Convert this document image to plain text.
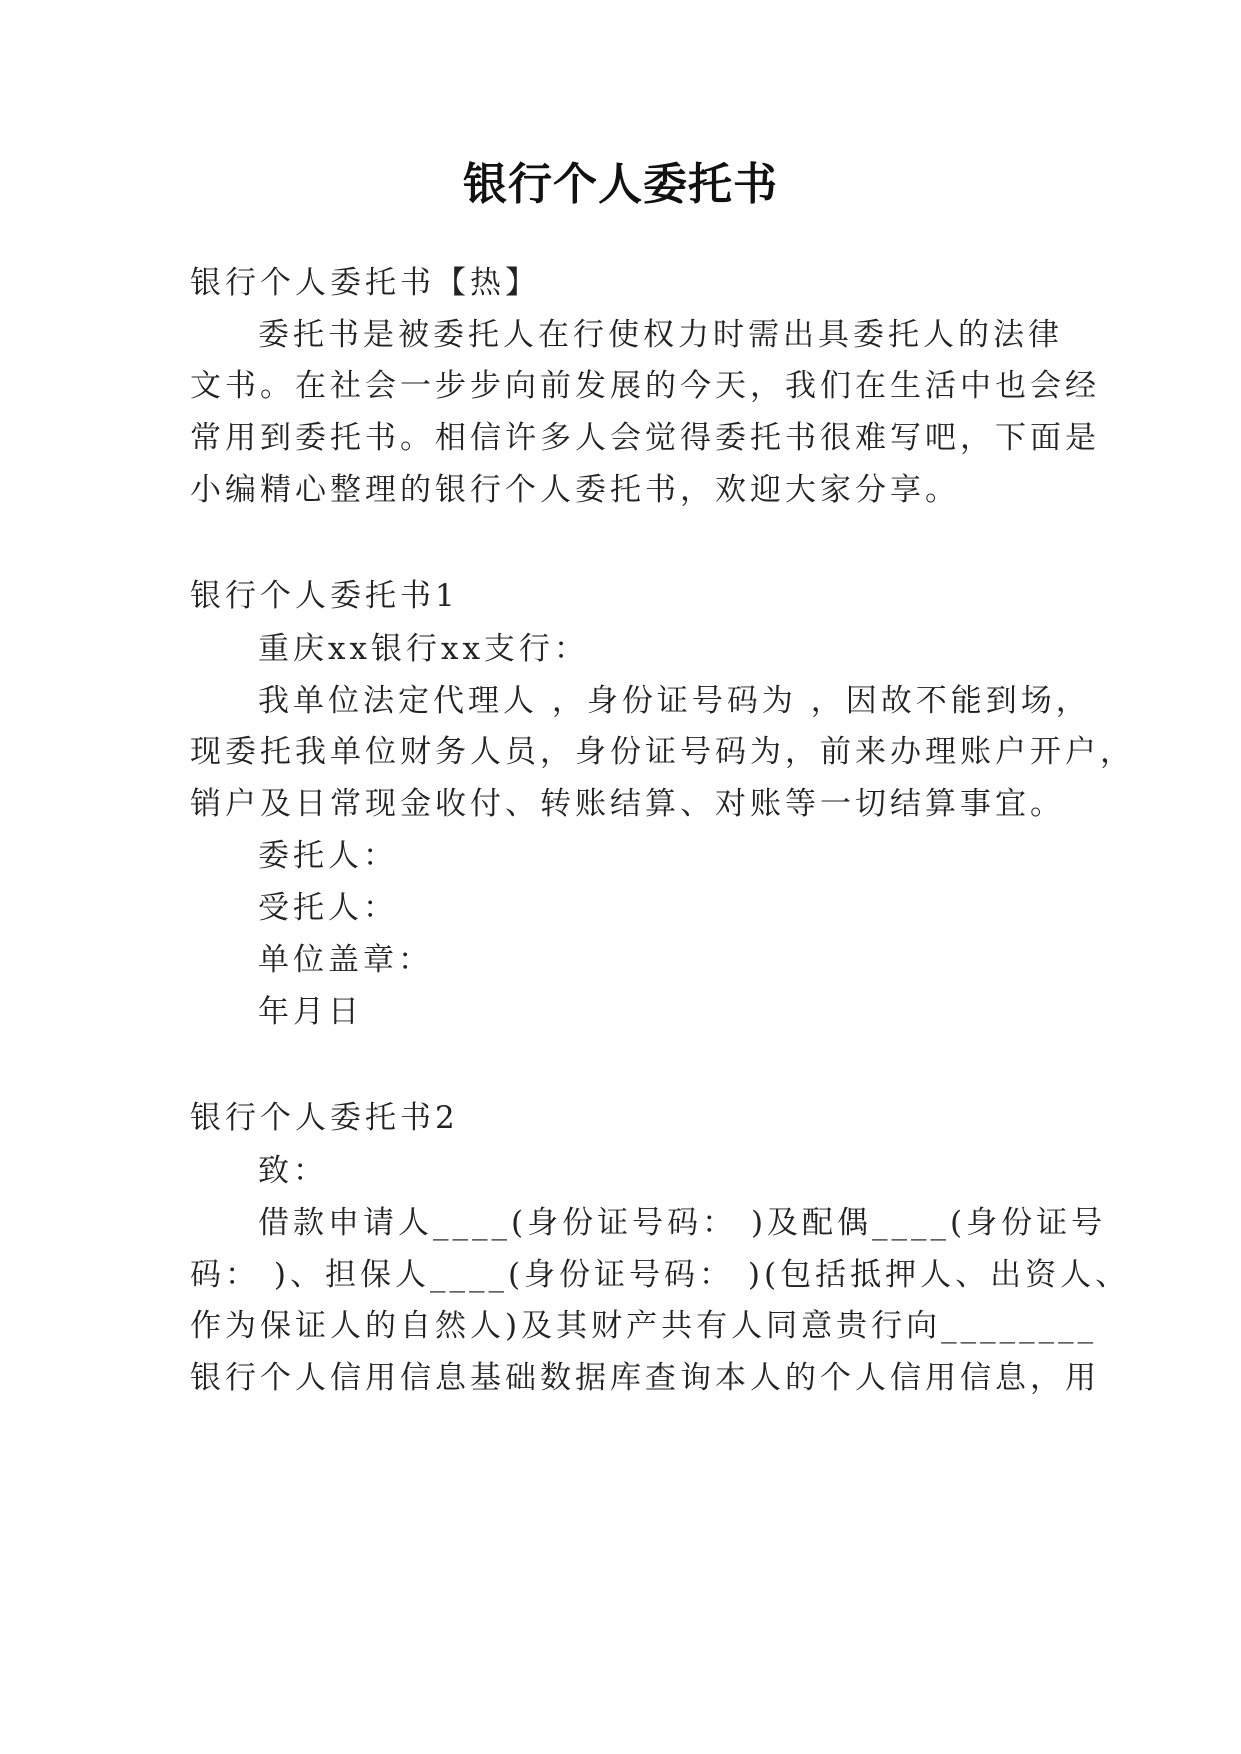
银行个人委托书
银行个人委托书【热】
委托书是被委托人在行使权力时需出具委托人的法律
文书。在社会一步步向前发展的今天，我们在生活中也会经
常用到委托书。相信许多人会觉得委托书很难写吧，下面是
小编精心整理的银行个人委托书，欢迎大家分享。
银行个人委托书1
重庆xx银行xx支行：
我单位法定代理人 ，身份证号码为 ，因故不能到场，
现委托我单位财务人员，身份证号码为，前来办理账户开户，
销户及日常现金收付、转账结算、对账等一切结算事宜。
委托人：
受托人：
单位盖章：
年月日
银行个人委托书2
致：
借款申请人____(身份证号码： )及配偶____(身份证号
码： )、担保人____(身份证号码： )(包括抵押人、出资人、
作为保证人的自然人)及其财产共有人同意贵行向________
银行个人信用信息基础数据库查询本人的个人信用信息，用
